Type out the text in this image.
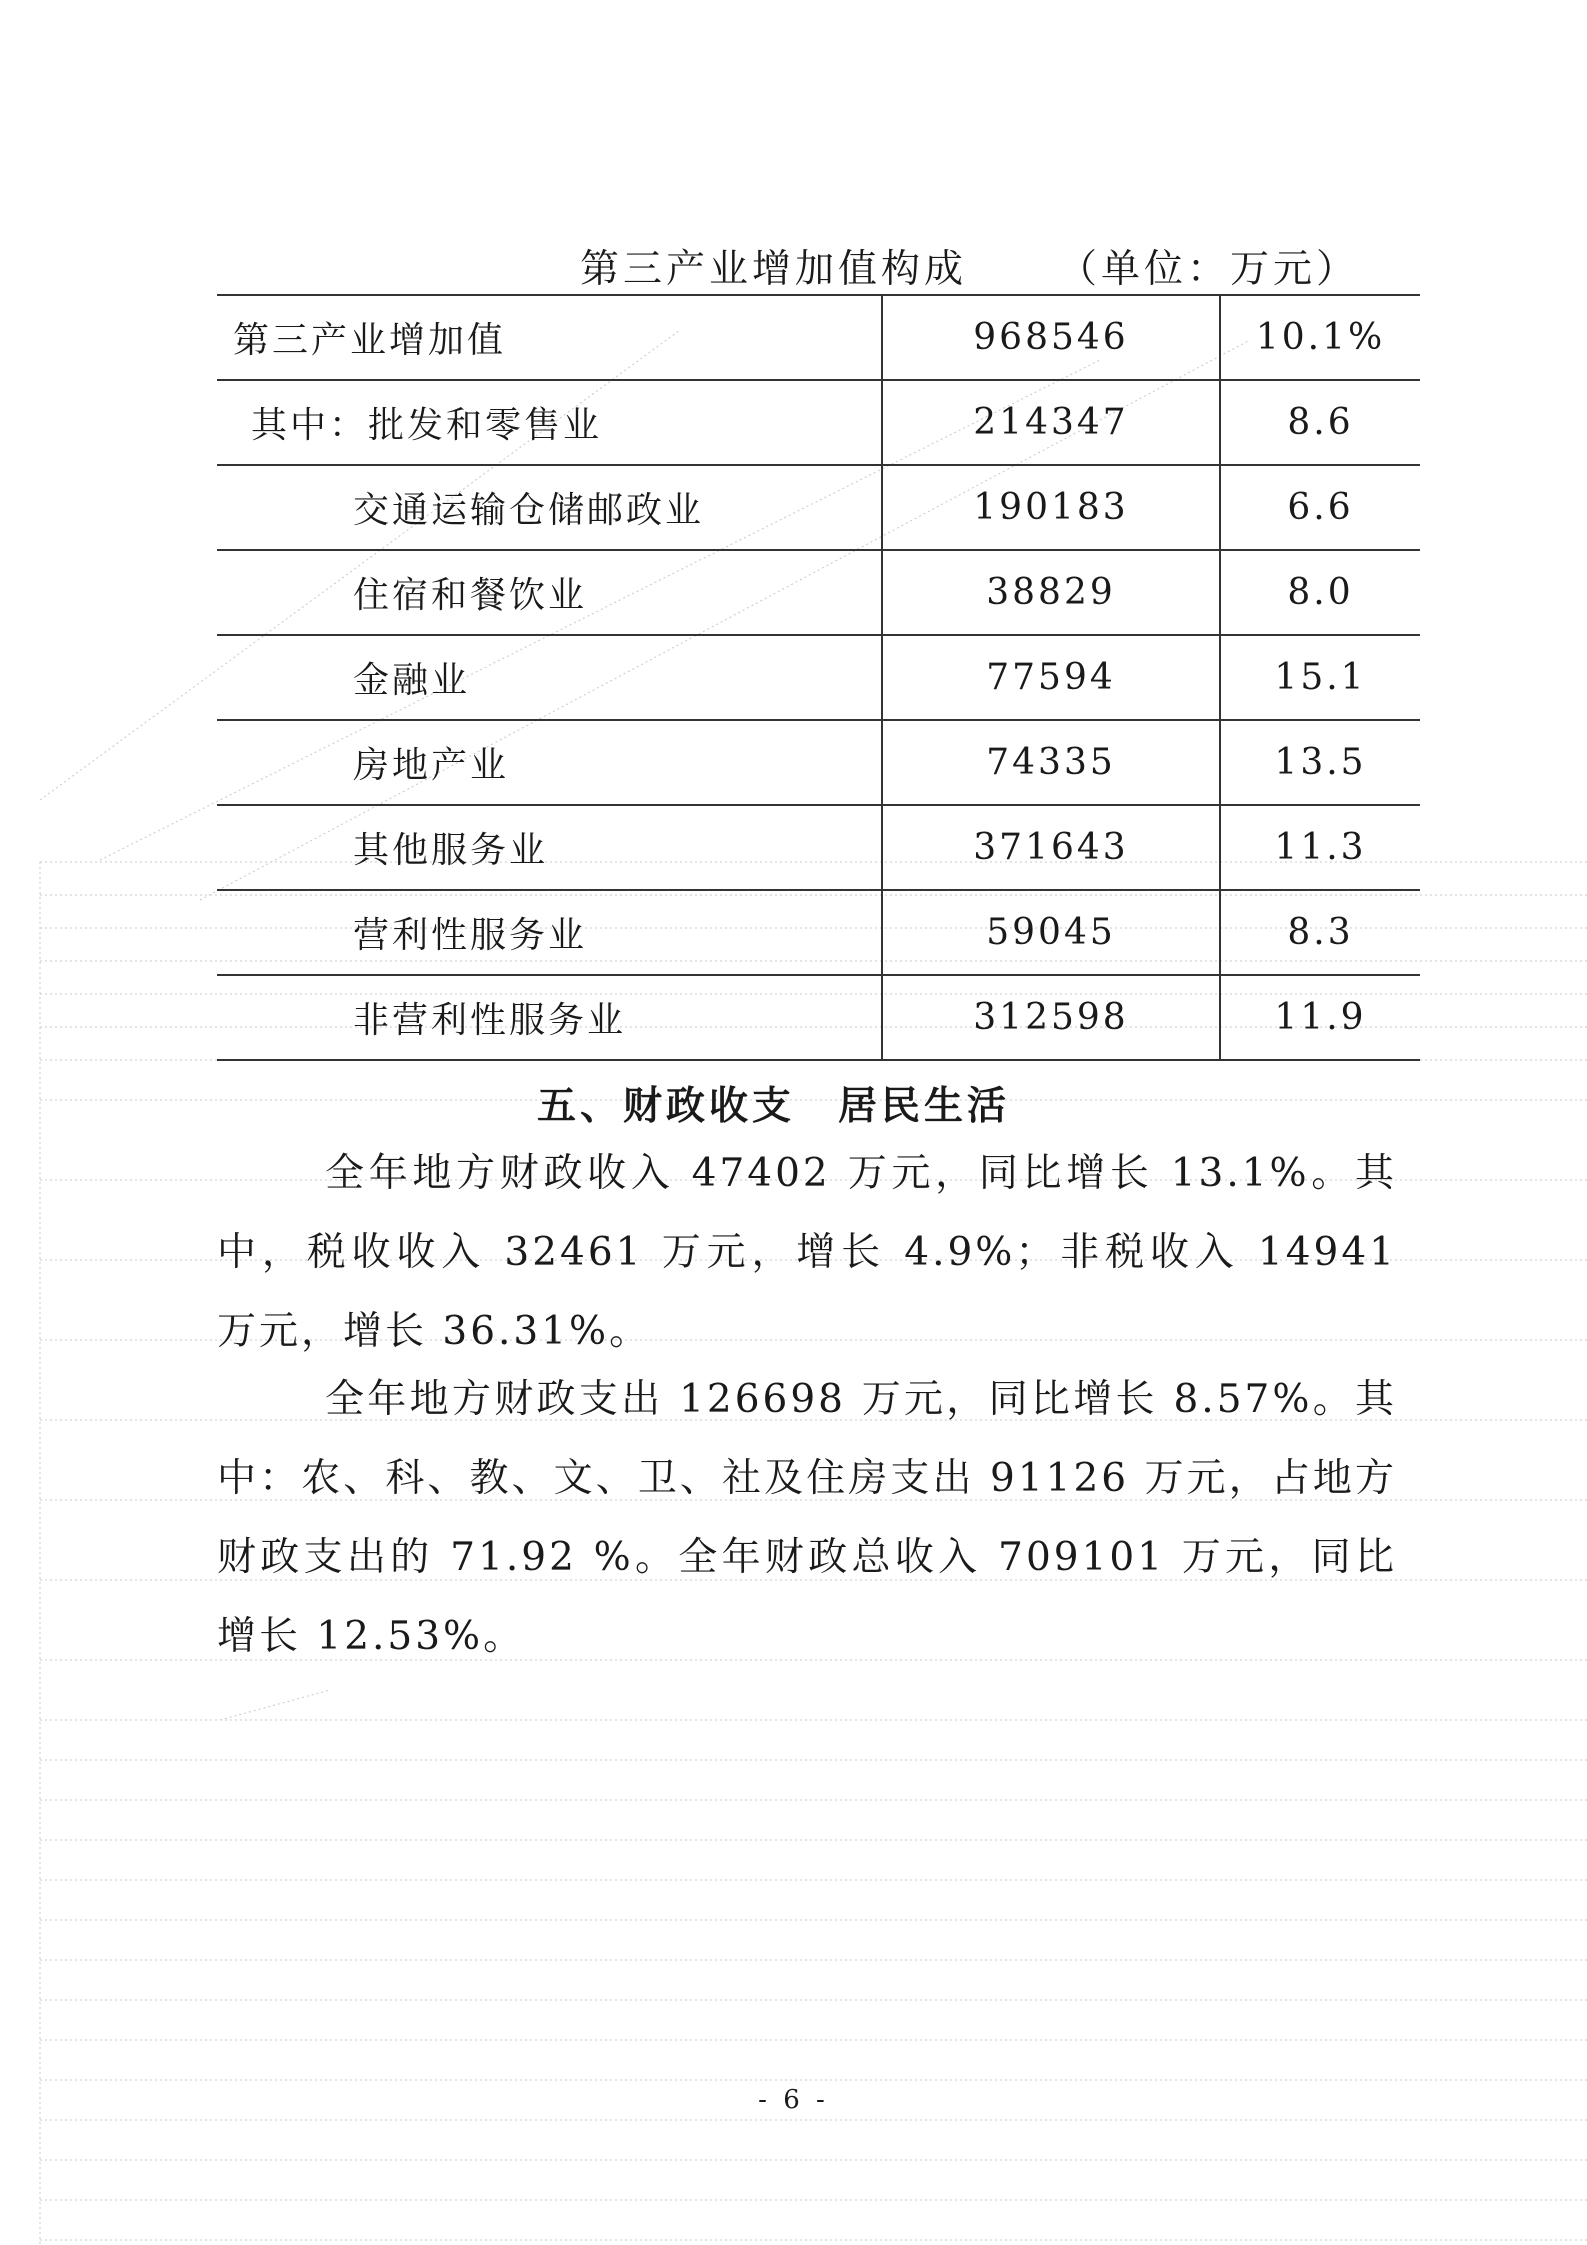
第三产业增加值构成 （单位：万元）
第三产业增加值	968546	10.1%
其中：批发和零售业	214347	8.6
交通运输仓储邮政业	190183	6.6
住宿和餐饮业	38829	8.0
金融业	77594	15.1
房地产业	74335	13.5
其他服务业	371643	11.3
营利性服务业	59045	8.3
非营利性服务业	312598	11.9
五、财政收支　居民生活
全年地方财政收入 47402 万元，同比增长 13.1%。其中，税收收入 32461 万元，增长 4.9%；非税收入 14941 万元，增长 36.31%。
全年地方财政支出 126698 万元，同比增长 8.57%。其中：农、科、教、文、卫、社及住房支出 91126 万元，占地方财政支出的 71.92 %。全年财政总收入 709101 万元，同比增长 12.53%。
- 6 -
